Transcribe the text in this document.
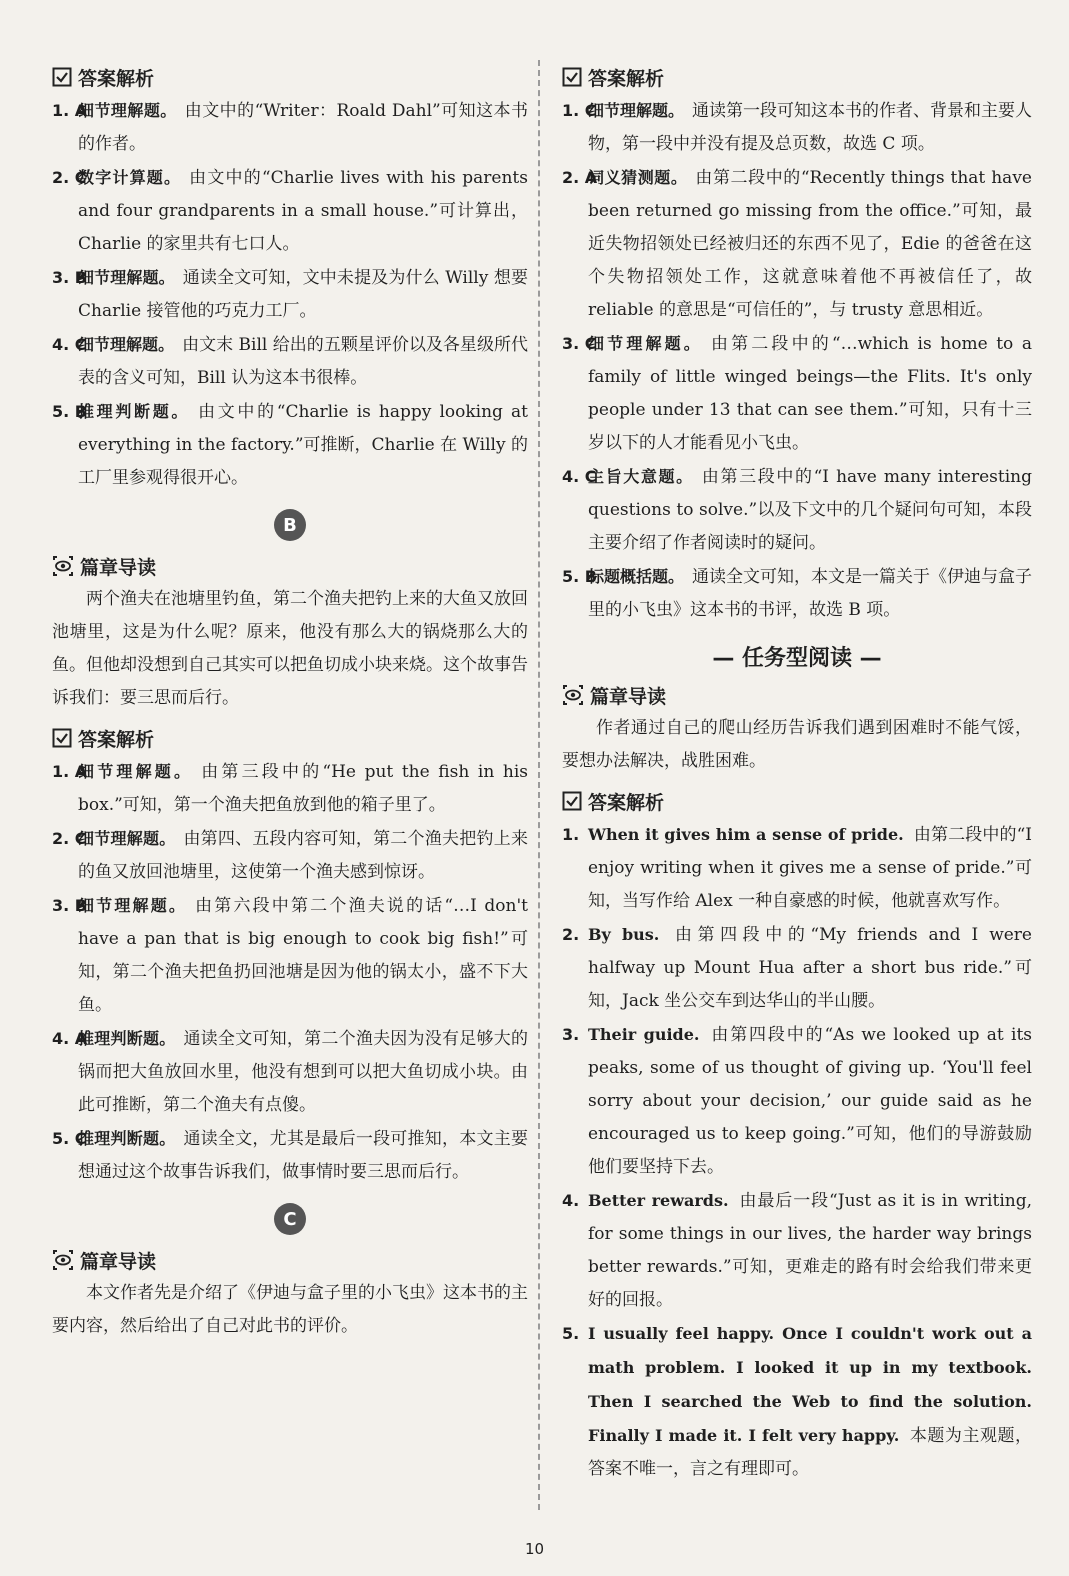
答案解析
1. A
细节理解题。 由文中的“Writer：Roald Dahl”可知这本书的作者。
2. C
数字计算题。 由文中的“Charlie lives with his parents and four grandparents in a small house.”可计算出，Charlie 的家里共有七口人。
3. B
细节理解题。 通读全文可知，文中未提及为什么 Willy 想要 Charlie 接管他的巧克力工厂。
4. C
细节理解题。 由文末 Bill 给出的五颗星评价以及各星级所代表的含义可知，Bill 认为这本书很棒。
5. B
推理判断题。 由文中的“Charlie is happy looking at everything in the factory.”可推断，Charlie 在 Willy 的工厂里参观得很开心。
B
篇章导读

两个渔夫在池塘里钓鱼，第二个渔夫把钓上来的大鱼又放回池塘里，这是为什么呢？原来，他没有那么大的锅烧那么大的鱼。但他却没想到自己其实可以把鱼切成小块来烧。这个故事告诉我们：要三思而后行。

答案解析
1. A
细节理解题。 由第三段中的“He put the fish in his box.”可知，第一个渔夫把鱼放到他的箱子里了。
2. C
细节理解题。 由第四、五段内容可知，第二个渔夫把钓上来的鱼又放回池塘里，这使第一个渔夫感到惊讶。
3. B
细节理解题。 由第六段中第二个渔夫说的话“…I don't have a pan that is big enough to cook big fish!”可知，第二个渔夫把鱼扔回池塘是因为他的锅太小，盛不下大鱼。
4. A
推理判断题。 通读全文可知，第二个渔夫因为没有足够大的锅而把大鱼放回水里，他没有想到可以把大鱼切成小块。由此可推断，第二个渔夫有点傻。
5. C
推理判断题。 通读全文，尤其是最后一段可推知，本文主要想通过这个故事告诉我们，做事情时要三思而后行。
C
篇章导读

本文作者先是介绍了《伊迪与盒子里的小飞虫》这本书的主要内容，然后给出了自己对此书的评价。

答案解析
1. C
细节理解题。 通读第一段可知这本书的作者、背景和主要人物，第一段中并没有提及总页数，故选 C 项。
2. A
词义猜测题。 由第二段中的“Recently things that have been returned go missing from the office.”可知，最近失物招领处已经被归还的东西不见了，Edie 的爸爸在这个失物招领处工作，这就意味着他不再被信任了，故 reliable 的意思是“可信任的”，与 trusty 意思相近。
3. C
细节理解题。 由第二段中的“…which is home to a family of little winged beings—the Flits. It's only people under 13 that can see them.”可知，只有十三岁以下的人才能看见小飞虫。
4. C
主旨大意题。 由第三段中的“I have many interesting questions to solve.”以及下文中的几个疑问句可知，本段主要介绍了作者阅读时的疑问。
5. B
标题概括题。 通读全文可知，本文是一篇关于《伊迪与盒子里的小飞虫》这本书的书评，故选 B 项。
— 任务型阅读 —
篇章导读

作者通过自己的爬山经历告诉我们遇到困难时不能气馁，要想办法解决，战胜困难。

答案解析
1. When it gives him a sense of pride. 由第二段中的“I enjoy writing when it gives me a sense of pride.”可知，当写作给 Alex 一种自豪感的时候，他就喜欢写作。
2. By bus. 由第四段中的“My friends and I were halfway up Mount Hua after a short bus ride.”可知，Jack 坐公交车到达华山的半山腰。
3. Their guide. 由第四段中的“As we looked up at its peaks, some of us thought of giving up. ‘You'll feel sorry about your decision,’ our guide said as he encouraged us to keep going.”可知，他们的导游鼓励他们要坚持下去。
4. Better rewards. 由最后一段“Just as it is in writing, for some things in our lives, the harder way brings better rewards.”可知，更难走的路有时会给我们带来更好的回报。
5. I usually feel happy. Once I couldn't work out a math problem. I looked it up in my textbook. Then I searched the Web to find the solution. Finally I made it. I felt very happy. 本题为主观题，答案不唯一，言之有理即可。
10
